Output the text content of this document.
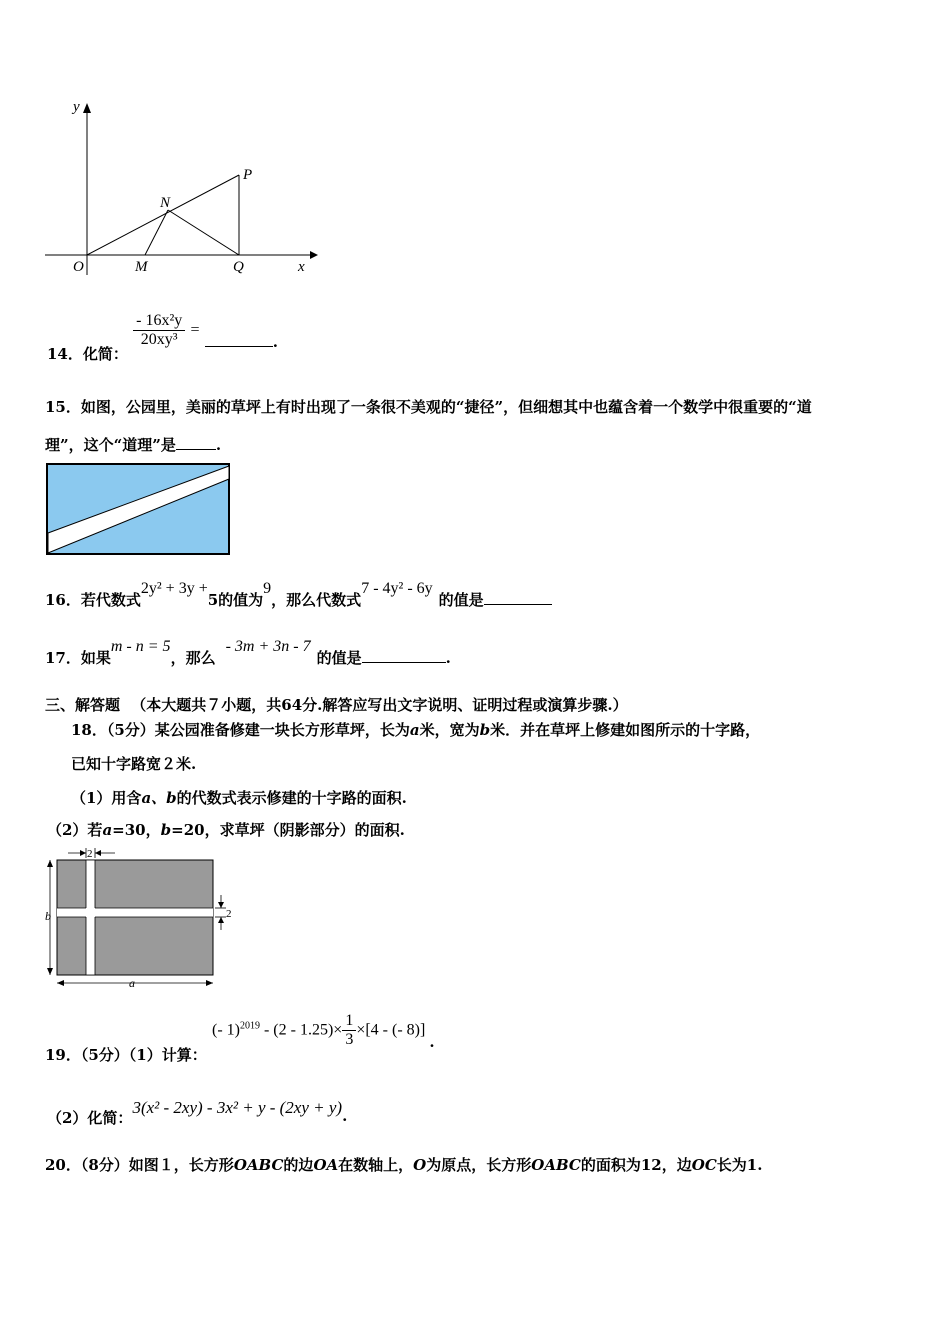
y
x
O	M	Q
N
P
14．化简：
$\frac{\text{- 16x²y}}{\text{20xy³}}$ = .
15．如图，公园里，美丽的草坪上有时出现了一条很不美观的“捷径”，但细想其中也蕴含着一个数学中很重要的“道
理”，这个“道理”是	.
16．若代数式2y² + 3y +5的值为9，那么代数式7 - 4y² - 6y的值是
17．如果m - n = 5，那么- 3m + 3n - 7的值是	.
三、解答题 （本大题共７小题，共64分.解答应写出文字说明、证明过程或演算步骤.）
18．（5分）某公园准备修建一块长方形草坪，长为a米，宽为b米．并在草坪上修建如图所示的十字路，
已知十字路宽２米.
（1）用含a、b的代数式表示修建的十字路的面积.
（2）若a=30，b=20，求草坪（阴影部分）的面积.
2
2
b
a
19．（5分）（1）计算： (- $1)^{2019} - (2 - 1.25)\times \frac{1}{3} \times[4$ - (- 8)].
（2）化简：3(x² - 2xy) - 3x² + y - (2xy + y).
20．（8分）如图１，长方形OABC的边OA在数轴上，O为原点，长方形OABC的面积为12，边OC长为1.
